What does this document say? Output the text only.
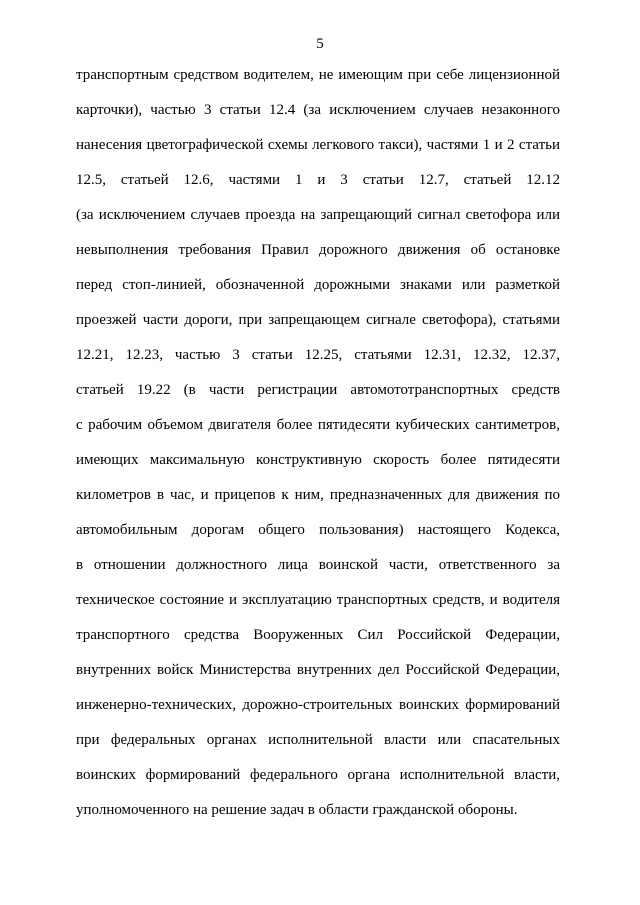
5
транспортным средством водителем, не имеющим при себе лицензионной
карточки), частью 3 статьи 12.4 (за исключением случаев незаконного
нанесения цветографической схемы легкового такси), частями 1 и 2 статьи
12.5, статьей 12.6, частями 1 и 3 статьи 12.7, статьей 12.12
(за исключением случаев проезда на запрещающий сигнал светофора или
невыполнения требования Правил дорожного движения об остановке
перед стоп-линией, обозначенной дорожными знаками или разметкой
проезжей части дороги, при запрещающем сигнале светофора), статьями
12.21, 12.23, частью 3 статьи 12.25, статьями 12.31, 12.32, 12.37,
статьей 19.22 (в части регистрации автомототранспортных средств
с рабочим объемом двигателя более пятидесяти кубических сантиметров,
имеющих максимальную конструктивную скорость более пятидесяти
километров в час, и прицепов к ним, предназначенных для движения по
автомобильным дорогам общего пользования) настоящего Кодекса,
в отношении должностного лица воинской части, ответственного за
техническое состояние и эксплуатацию транспортных средств, и водителя
транспортного средства Вооруженных Сил Российской Федерации,
внутренних войск Министерства внутренних дел Российской Федерации,
инженерно-технических, дорожно-строительных воинских формирований
при федеральных органах исполнительной власти или спасательных
воинских формирований федерального органа исполнительной власти,
уполномоченного на решение задач в области гражданской обороны.
